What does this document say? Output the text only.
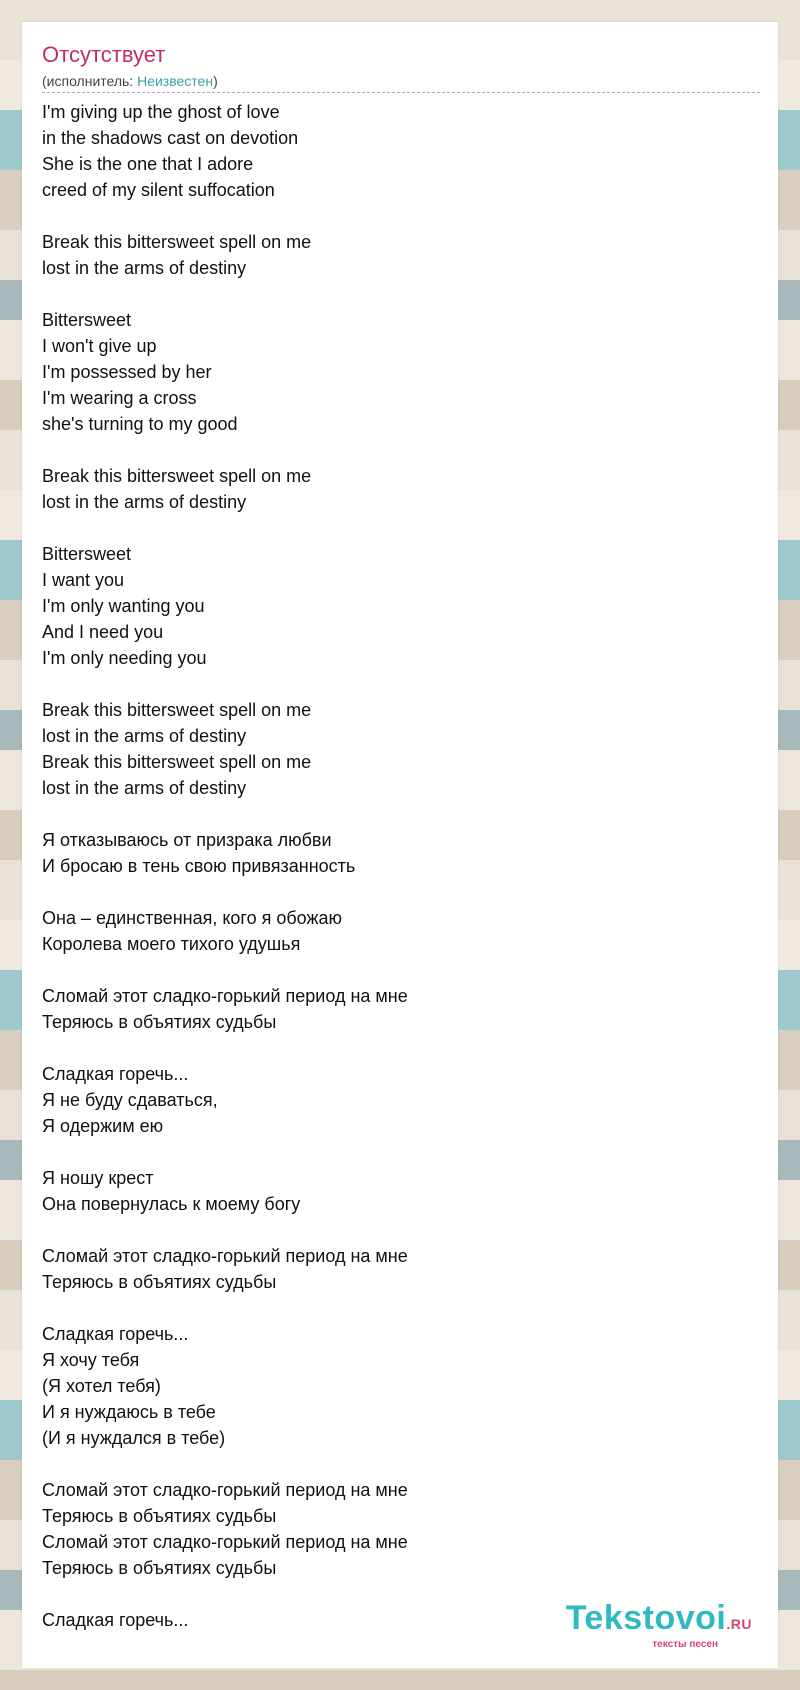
Отсутствует
(исполнитель: Неизвестен)
I'm giving up the ghost of love
in the shadows cast on devotion
She is the one that I adore
creed of my silent suffocation
Break this bittersweet spell on me
lost in the arms of destiny
Bittersweet
I won't give up
I'm possessed by her
I'm wearing a cross
she's turning to my good
Break this bittersweet spell on me
lost in the arms of destiny
Bittersweet
I want you
I'm only wanting you
And I need you
I'm only needing you
Break this bittersweet spell on me
lost in the arms of destiny
Break this bittersweet spell on me
lost in the arms of destiny
Я отказываюсь от призрака любви
И бросаю в тень свою привязанность
Она – единственная, кого я обожаю
Королева моего тихого удушья
Сломай этот сладко-горький период на мне
Теряюсь в объятиях судьбы
Сладкая горечь...
Я не буду сдаваться,
Я одержим ею
Я ношу крест
Она повернулась к моему богу
Сломай этот сладко-горький период на мне
Теряюсь в объятиях судьбы
Сладкая горечь...
Я хочу тебя
(Я хотел тебя)
И я нуждаюсь в тебе
(И я нуждался в тебе)
Сломай этот сладко-горький период на мне
Теряюсь в объятиях судьбы
Сломай этот сладко-горький период на мне
Теряюсь в объятиях судьбы
Сладкая горечь...	Tekstovoi.RU
тексты песен
